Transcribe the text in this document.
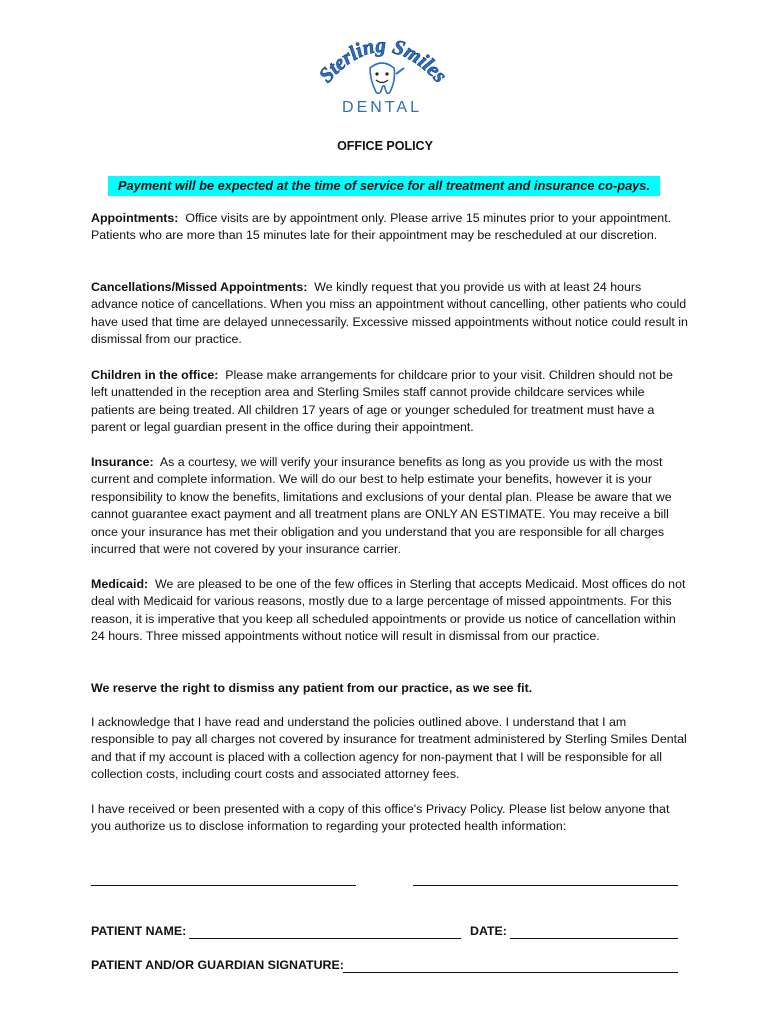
Sterling Smiles
DENTAL
OFFICE POLICY
Payment will be expected at the time of service for all treatment and insurance co-pays.

Appointments: Office visits are by appointment only. Please arrive 15 minutes prior to your appointment. Patients who are more than 15 minutes late for their appointment may be rescheduled at our discretion.

Cancellations/Missed Appointments: We kindly request that you provide us with at least 24 hours advance notice of cancellations. When you miss an appointment without cancelling, other patients who could have used that time are delayed unnecessarily. Excessive missed appointments without notice could result in dismissal from our practice.

Children in the office: Please make arrangements for childcare prior to your visit. Children should not be left unattended in the reception area and Sterling Smiles staff cannot provide childcare services while patients are being treated. All children 17 years of age or younger scheduled for treatment must have a parent or legal guardian present in the office during their appointment.

Insurance: As a courtesy, we will verify your insurance benefits as long as you provide us with the most current and complete information. We will do our best to help estimate your benefits, however it is your responsibility to know the benefits, limitations and exclusions of your dental plan. Please be aware that we cannot guarantee exact payment and all treatment plans are ONLY AN ESTIMATE. You may receive a bill once your insurance has met their obligation and you understand that you are responsible for all charges incurred that were not covered by your insurance carrier.

Medicaid: We are pleased to be one of the few offices in Sterling that accepts Medicaid. Most offices do not deal with Medicaid for various reasons, mostly due to a large percentage of missed appointments. For this reason, it is imperative that you keep all scheduled appointments or provide us notice of cancellation within 24 hours. Three missed appointments without notice will result in dismissal from our practice.

We reserve the right to dismiss any patient from our practice, as we see fit.

I acknowledge that I have read and understand the policies outlined above. I understand that I am responsible to pay all charges not covered by insurance for treatment administered by Sterling Smiles Dental and that if my account is placed with a collection agency for non-payment that I will be responsible for all collection costs, including court costs and associated attorney fees.

I have received or been presented with a copy of this office's Privacy Policy. Please list below anyone that you authorize us to disclose information to regarding your protected health information:

PATIENT NAME:	DATE:
PATIENT AND/OR GUARDIAN SIGNATURE:
